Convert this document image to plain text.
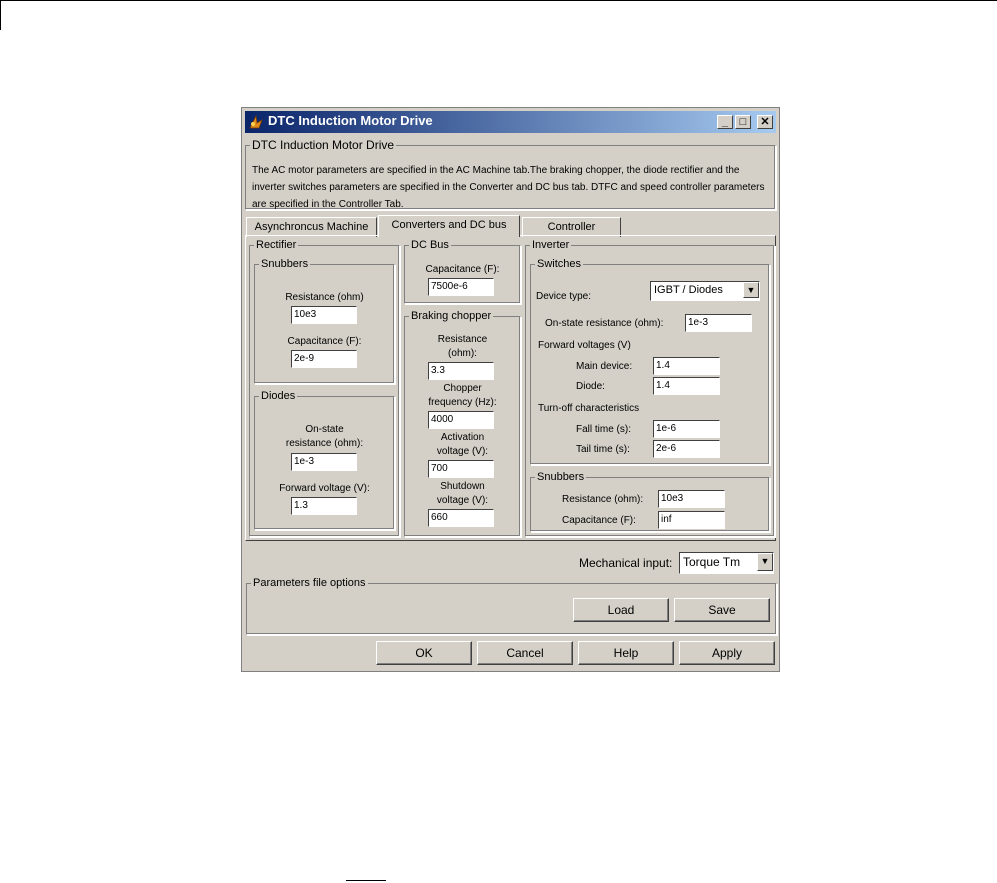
DTC Induction Motor Drive	_	□	✕
DTC Induction Motor Drive
The AC motor parameters are specified in the AC Machine tab.The braking chopper, the diode rectifier and the inverter switches parameters are specified in the Converter and DC bus tab. DTFC and speed controller parameters are specified in the Controller Tab.
Asynchroncus Machine	Converters and DC bus	Controller
Rectifier
Snubbers
Resistance (ohm)
10e3
Capacitance (F):
2e-9
Diodes
On-state
resistance (ohm):
1e-3
Forward voltage (V):
1.3
DC Bus
Capacitance (F):
7500e-6
Braking chopper
Resistance
(ohm):
3.3
Chopper
frequency (Hz):
4000
Activation
voltage (V):
700
Shutdown
voltage (V):
660
Inverter
Switches
Device type:
IGBT / Diodes	▼
On-state resistance (ohm):	1e-3
Forward voltages (V)
Main device:	1.4
Diode:	1.4
Turn-off characteristics
Fall time (s):	1e-6
Tail time (s):	2e-6
Snubbers
Resistance (ohm):	10e3
Capacitance (F):	inf
Mechanical input: Torque Tm	▼
Parameters file options
Load	Save
OK	Cancel	Help	Apply
